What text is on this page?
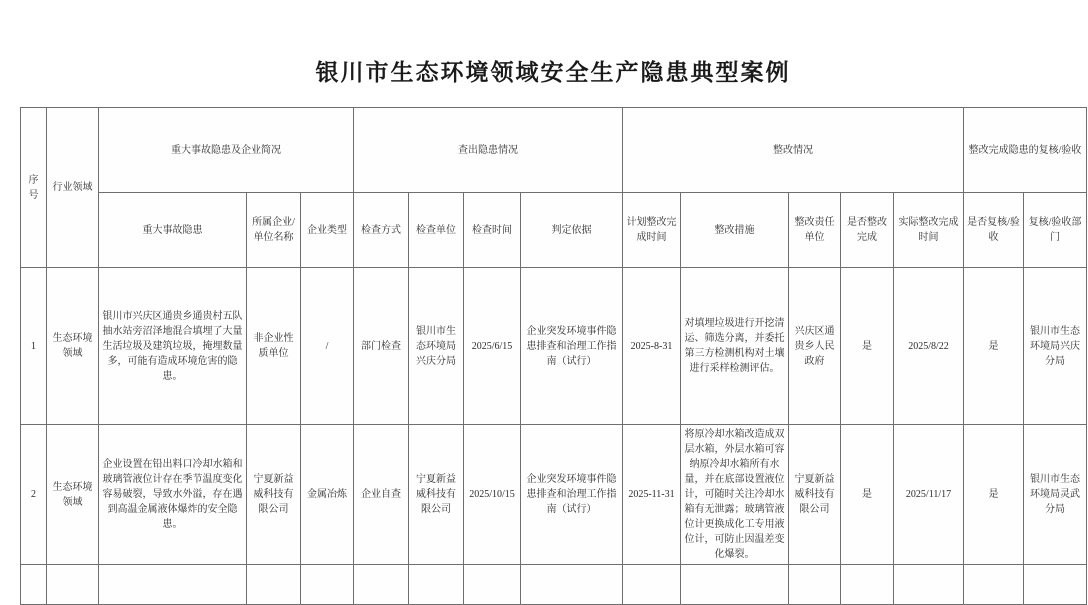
银川市生态环境领域安全生产隐患典型案例
序号	行业领域	重大事故隐患及企业简况			查出隐患情况				整改情况					整改完成隐患的复核/验收	
		重大事故隐患	所属企业/单位名称	企业类型	检查方式	检查单位	检查时间	判定依据	计划整改完成时间	整改措施	整改责任单位	是否整改完成	实际整改完成时间	是否复核/验收	复核/验收部门
1	生态环境领域	银川市兴庆区通贵乡通贵村五队抽水站旁沼泽地混合填埋了大量生活垃圾及建筑垃圾，掩埋数量多，可能有造成环境危害的隐患。	非企业性质单位	/	部门检查	银川市生态环境局兴庆分局	2025/6/15	企业突发环境事件隐患排查和治理工作指南（试行）	2025-8-31	对填埋垃圾进行开挖清运、筛选分离，并委托第三方检测机构对土壤进行采样检测评估。	兴庆区通贵乡人民政府	是	2025/8/22	是	银川市生态环境局兴庆分局
2	生态环境领域	企业设置在铅出料口冷却水箱和玻璃管液位计存在季节温度变化容易破裂，导致水外溢，存在遇到高温金属液体爆炸的安全隐患。	宁夏新益威科技有限公司	金属冶炼	企业自查	宁夏新益威科技有限公司	2025/10/15	企业突发环境事件隐患排查和治理工作指南（试行）	2025-11-31	将原冷却水箱改造成双层水箱，外层水箱可容纳原冷却水箱所有水量，并在底部设置液位计，可随时关注冷却水箱有无泄露；玻璃管液位计更换成化工专用液位计，可防止因温差变化爆裂。	宁夏新益威科技有限公司	是	2025/11/17	是	银川市生态环境局灵武分局
